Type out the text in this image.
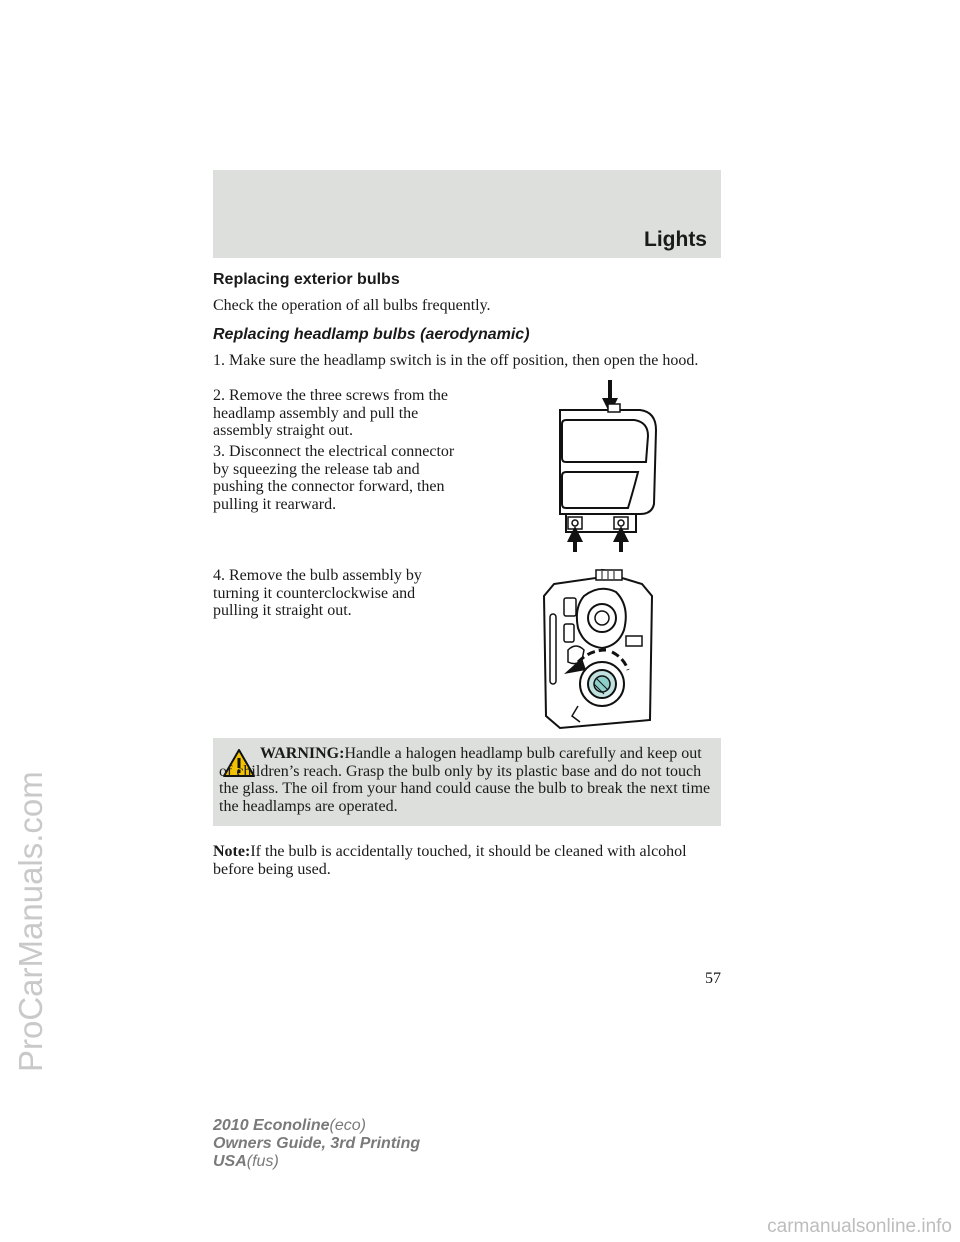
ProCarManuals.com
Lights
Replacing exterior bulbs

Check the operation of all bulbs frequently.

Replacing headlamp bulbs (aerodynamic)

1. Make sure the headlamp switch is in the off position, then open the hood.

2. Remove the three screws from the headlamp assembly and pull the assembly straight out.

3. Disconnect the electrical connector by squeezing the release tab and pushing the connector forward, then pulling it rearward.

4. Remove the bulb assembly by turning it counterclockwise and pulling it straight out.

WARNING:Handle a halogen headlamp bulb carefully and keep out of children’s reach. Grasp the bulb only by its plastic base and do not touch the glass. The oil from your hand could cause the bulb to break the next time the headlamps are operated.

Note:If the bulb is accidentally touched, it should be cleaned with alcohol before being used.

57
2010 Econoline(eco)
Owners Guide, 3rd Printing
USA(fus)
carmanualsonline.info
